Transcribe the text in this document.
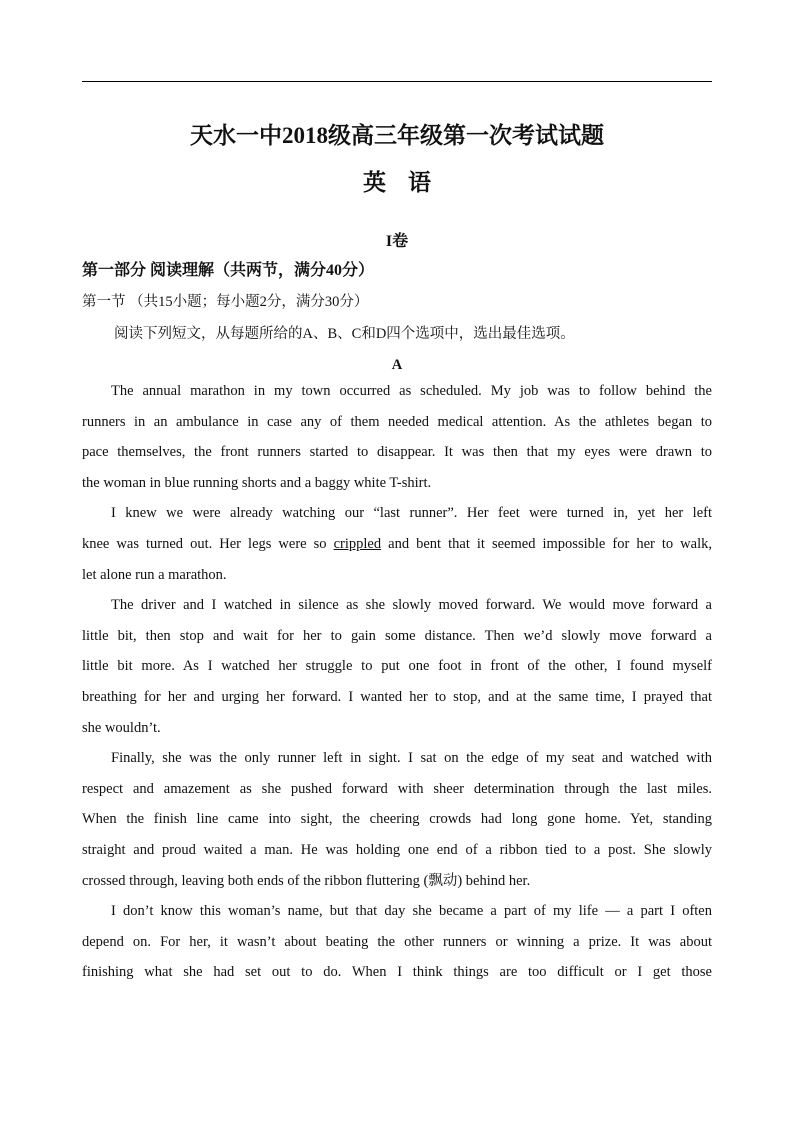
天水一中2018级高三年级第一次考试试题
英语
I卷
第一部分 阅读理解（共两节，满分40分）
第一节 （共15小题；每小题2分，满分30分）
阅读下列短文，从每题所给的A、B、C和D四个选项中，选出最佳选项。
A

The annual marathon in my town occurred as scheduled. My job was to follow behind the
runners in an ambulance in case any of them needed medical attention. As the athletes began to
pace themselves, the front runners started to disappear. It was then that my eyes were drawn to
the woman in blue running shorts and a baggy white T-shirt.

I knew we were already watching our “last runner”. Her feet were turned in, yet her left
knee was turned out. Her legs were so crippled and bent that it seemed impossible for her to walk,
let alone run a marathon.

The driver and I watched in silence as she slowly moved forward. We would move forward a
little bit, then stop and wait for her to gain some distance. Then we’d slowly move forward a
little bit more. As I watched her struggle to put one foot in front of the other, I found myself
breathing for her and urging her forward. I wanted her to stop, and at the same time, I prayed that
she wouldn’t.

Finally, she was the only runner left in sight. I sat on the edge of my seat and watched with
respect and amazement as she pushed forward with sheer determination through the last miles.
When the finish line came into sight, the cheering crowds had long gone home. Yet, standing
straight and proud waited a man. He was holding one end of a ribbon tied to a post. She slowly
crossed through, leaving both ends of the ribbon fluttering (飘动) behind her.

I don’t know this woman’s name, but that day she became a part of my life — a part I often
depend on. For her, it wasn’t about beating the other runners or winning a prize. It was about
finishing what she had set out to do. When I think things are too difficult or I get those
